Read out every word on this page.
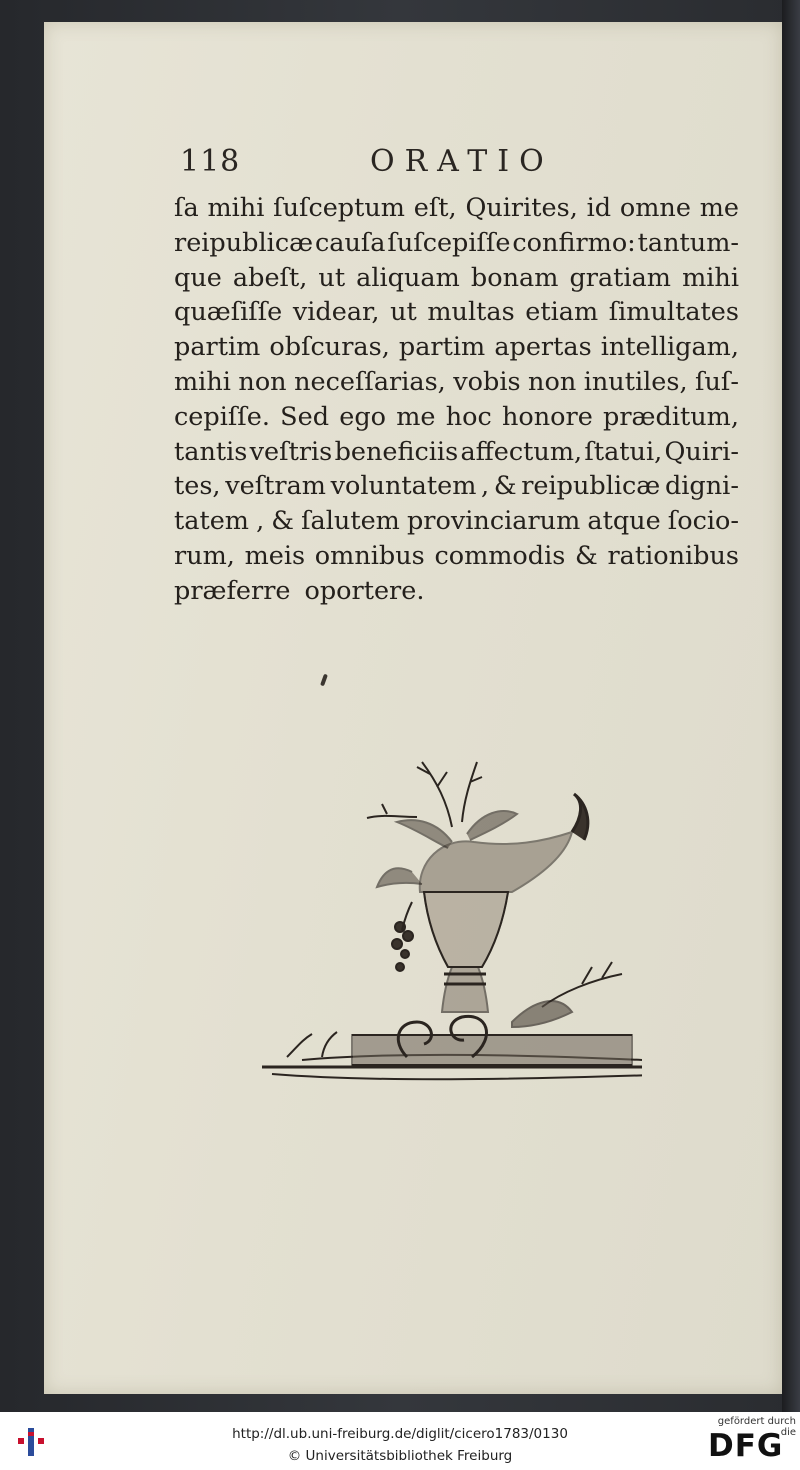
118	ORATIO
ſa mihi ſuſceptum eſt, Quirites, id omne me
reipublicæ cauſa ſuſcepiſſe confirmo: tantum-
que abeſt, ut aliquam bonam gratiam mihi
quæſiſſe videar, ut multas etiam ſimultates
partim obſcuras, partim apertas intelligam,
mihi non neceſſarias, vobis non inutiles, ſuſ-
cepiſſe. Sed ego me hoc honore præditum,
tantis veſtris beneficiis affectum, ſtatui, Quiri-
tes, veſtram voluntatem , & reipublicæ digni-
tatem , & ſalutem provinciarum atque ſocio-
rum, meis omnibus commodis & rationibus
præferre oportere.
http://dl.ub.uni-freiburg.de/diglit/cicero1783/0130
© Universitätsbibliothek Freiburg
gefördert durch die
DFG
